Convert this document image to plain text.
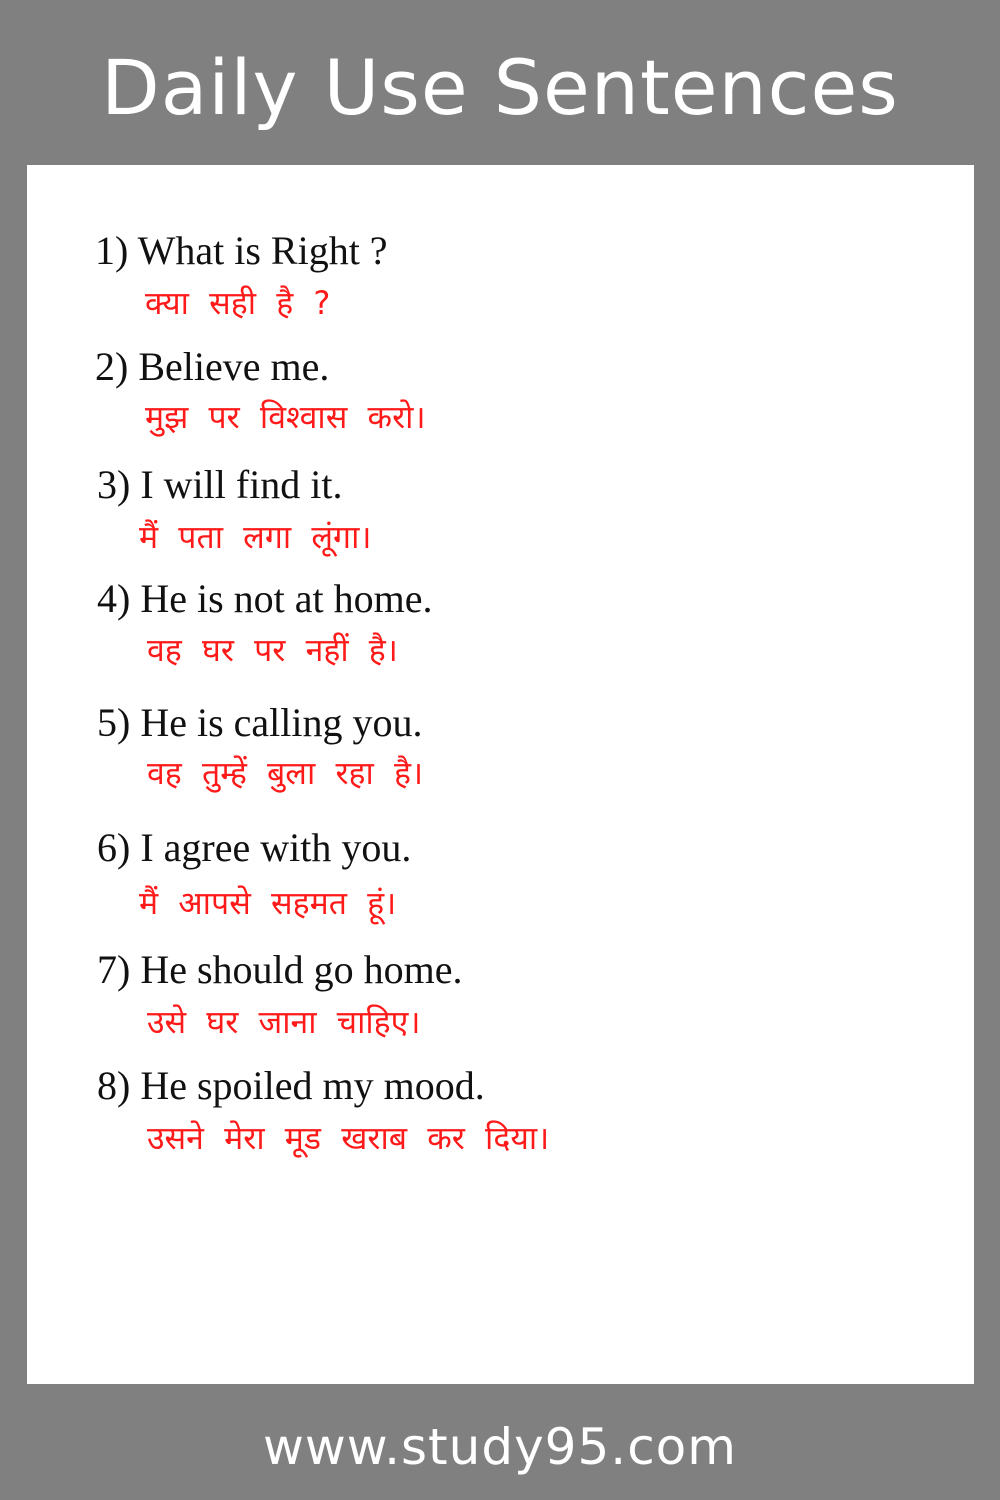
Daily Use Sentences
1) What is Right ?
क्या सही है ?
2) Believe me.
मुझ पर विश्वास करो।
3) I will find it.
मैं पता लगा लूंगा।
4) He is not at home.
वह घर पर नहीं है।
5) He is calling you.
वह तुम्हें बुला रहा है।
6) I agree with you.
मैं आपसे सहमत हूं।
7) He should go home.
उसे घर जाना चाहिए।
8) He spoiled my mood.
उसने मेरा मूड खराब कर दिया।
www.study95.com
